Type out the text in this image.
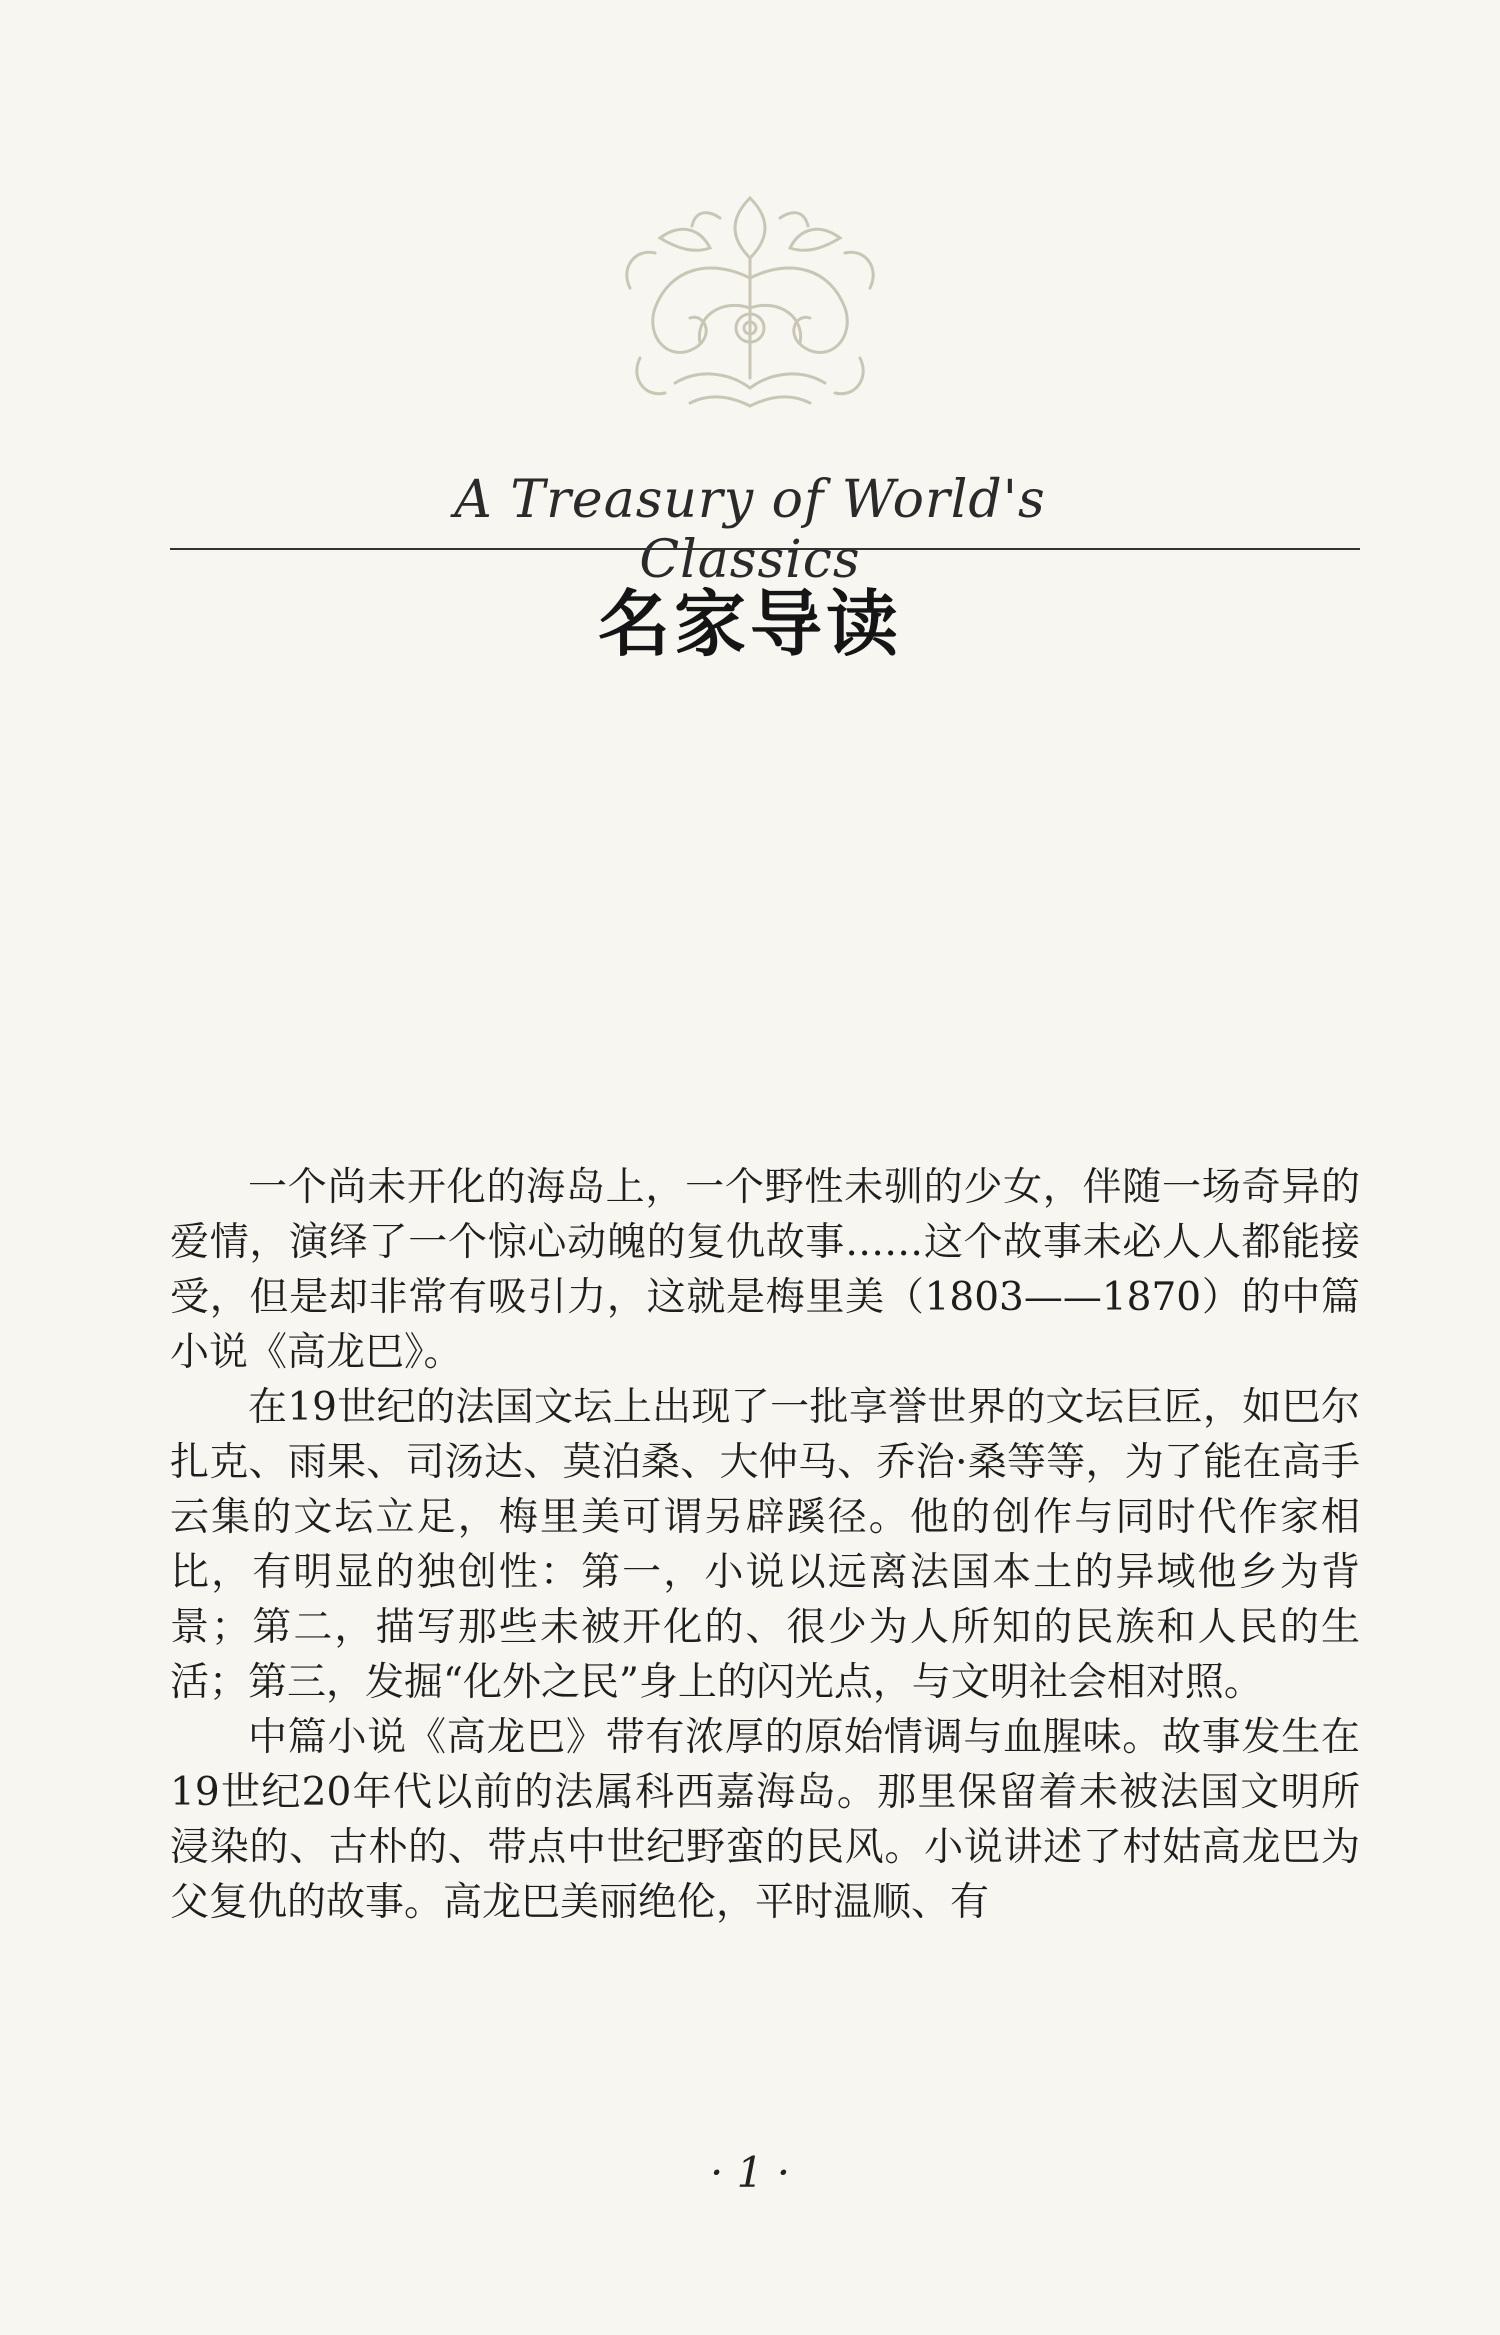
A Treasury of World's Classics
名家导读

一个尚未开化的海岛上，一个野性未驯的少女，伴随一场奇异的爱情，演绎了一个惊心动魄的复仇故事……这个故事未必人人都能接受，但是却非常有吸引力，这就是梅里美（1803——1870）的中篇小说《高龙巴》。

在19世纪的法国文坛上出现了一批享誉世界的文坛巨匠，如巴尔扎克、雨果、司汤达、莫泊桑、大仲马、乔治·桑等等，为了能在高手云集的文坛立足，梅里美可谓另辟蹊径。他的创作与同时代作家相比，有明显的独创性：第一，小说以远离法国本土的异域他乡为背景；第二，描写那些未被开化的、很少为人所知的民族和人民的生活；第三，发掘“化外之民”身上的闪光点，与文明社会相对照。

中篇小说《高龙巴》带有浓厚的原始情调与血腥味。故事发生在19世纪20年代以前的法属科西嘉海岛。那里保留着未被法国文明所浸染的、古朴的、带点中世纪野蛮的民风。小说讲述了村姑高龙巴为父复仇的故事。高龙巴美丽绝伦，平时温顺、有

· 1 ·
